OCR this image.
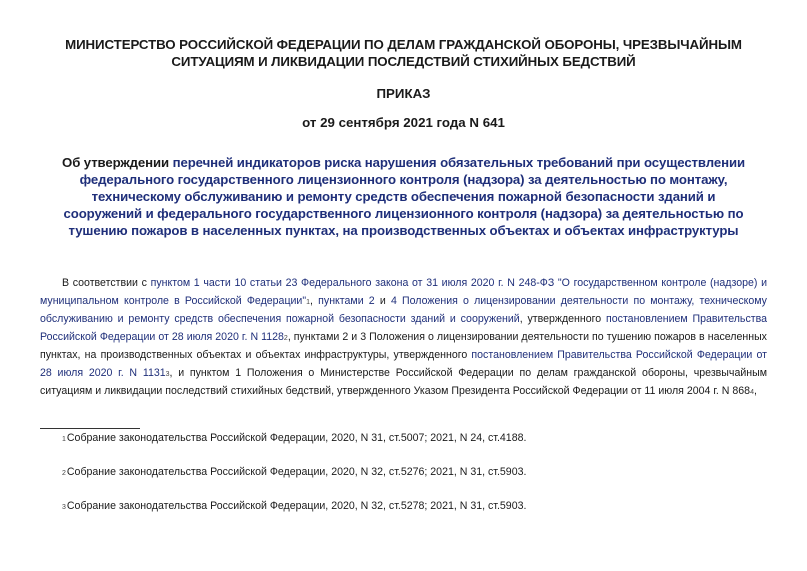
МИНИСТЕРСТВО РОССИЙСКОЙ ФЕДЕРАЦИИ ПО ДЕЛАМ ГРАЖДАНСКОЙ ОБОРОНЫ, ЧРЕЗВЫЧАЙНЫМ СИТУАЦИЯМ И ЛИКВИДАЦИИ ПОСЛЕДСТВИЙ СТИХИЙНЫХ БЕДСТВИЙ
ПРИКАЗ
от 29 сентября 2021 года N 641
Об утверждении перечней индикаторов риска нарушения обязательных требований при осуществлении федерального государственного лицензионного контроля (надзора) за деятельностью по монтажу, техническому обслуживанию и ремонту средств обеспечения пожарной безопасности зданий и сооружений и федерального государственного лицензионного контроля (надзора) за деятельностью по тушению пожаров в населенных пунктах, на производственных объектах и объектах инфраструктуры
В соответствии с пунктом 1 части 10 статьи 23 Федерального закона от 31 июля 2020 г. N 248-ФЗ "О государственном контроле (надзоре) и муниципальном контроле в Российской Федерации"1, пунктами 2 и 4 Положения о лицензировании деятельности по монтажу, техническому обслуживанию и ремонту средств обеспечения пожарной безопасности зданий и сооружений, утвержденного постановлением Правительства Российской Федерации от 28 июля 2020 г. N 11282, пунктами 2 и 3 Положения о лицензировании деятельности по тушению пожаров в населенных пунктах, на производственных объектах и объектах инфраструктуры, утвержденного постановлением Правительства Российской Федерации от 28 июля 2020 г. N 11313, и пунктом 1 Положения о Министерстве Российской Федерации по делам гражданской обороны, чрезвычайным ситуациям и ликвидации последствий стихийных бедствий, утвержденного Указом Президента Российской Федерации от 11 июля 2004 г. N 8684,
1Собрание законодательства Российской Федерации, 2020, N 31, ст.5007; 2021, N 24, ст.4188.
2Собрание законодательства Российской Федерации, 2020, N 32, ст.5276; 2021, N 31, ст.5903.
3Собрание законодательства Российской Федерации, 2020, N 32, ст.5278; 2021, N 31, ст.5903.
